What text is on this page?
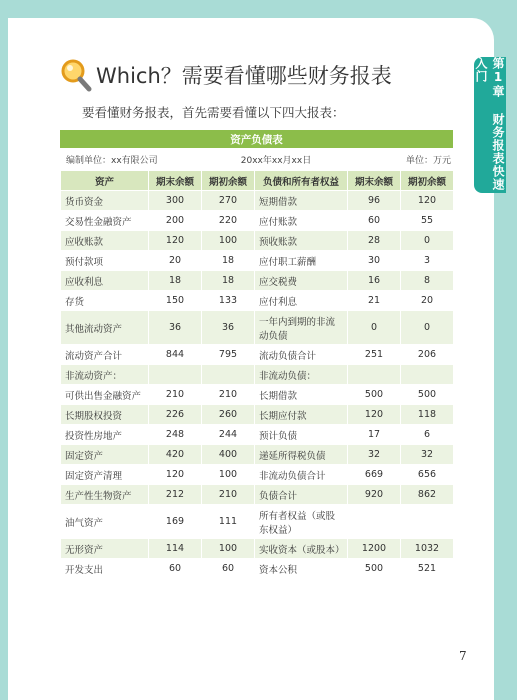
第1章 财务报表快速入门
Which？需要看懂哪些财务报表
要看懂财务报表，首先需要看懂以下四大报表：
资产负债表
编制单位：xx有限公司	20xx年xx月xx日	单位：万元
资产	期末余额	期初余额	负债和所有者权益	期末余额	期初余额
货币资金	300	270	短期借款	96	120
交易性金融资产	200	220	应付账款	60	55
应收账款	120	100	预收账款	28	0
预付款项	20	18	应付职工薪酬	30	3
应收利息	18	18	应交税费	16	8
存货	150	133	应付利息	21	20
其他流动资产	36	36	一年内到期的非流动负债	0	0
流动资产合计	844	795	流动负债合计	251	206
非流动资产：			非流动负债：		
可供出售金融资产	210	210	长期借款	500	500
长期股权投资	226	260	长期应付款	120	118
投资性房地产	248	244	预计负债	17	6
固定资产	420	400	递延所得税负债	32	32
固定资产清理	120	100	非流动负债合计	669	656
生产性生物资产	212	210	负债合计	920	862
油气资产	169	111	所有者权益（或股东权益）		
无形资产	114	100	实收资本（或股本）	1200	1032
开发支出	60	60	资本公积	500	521
7
